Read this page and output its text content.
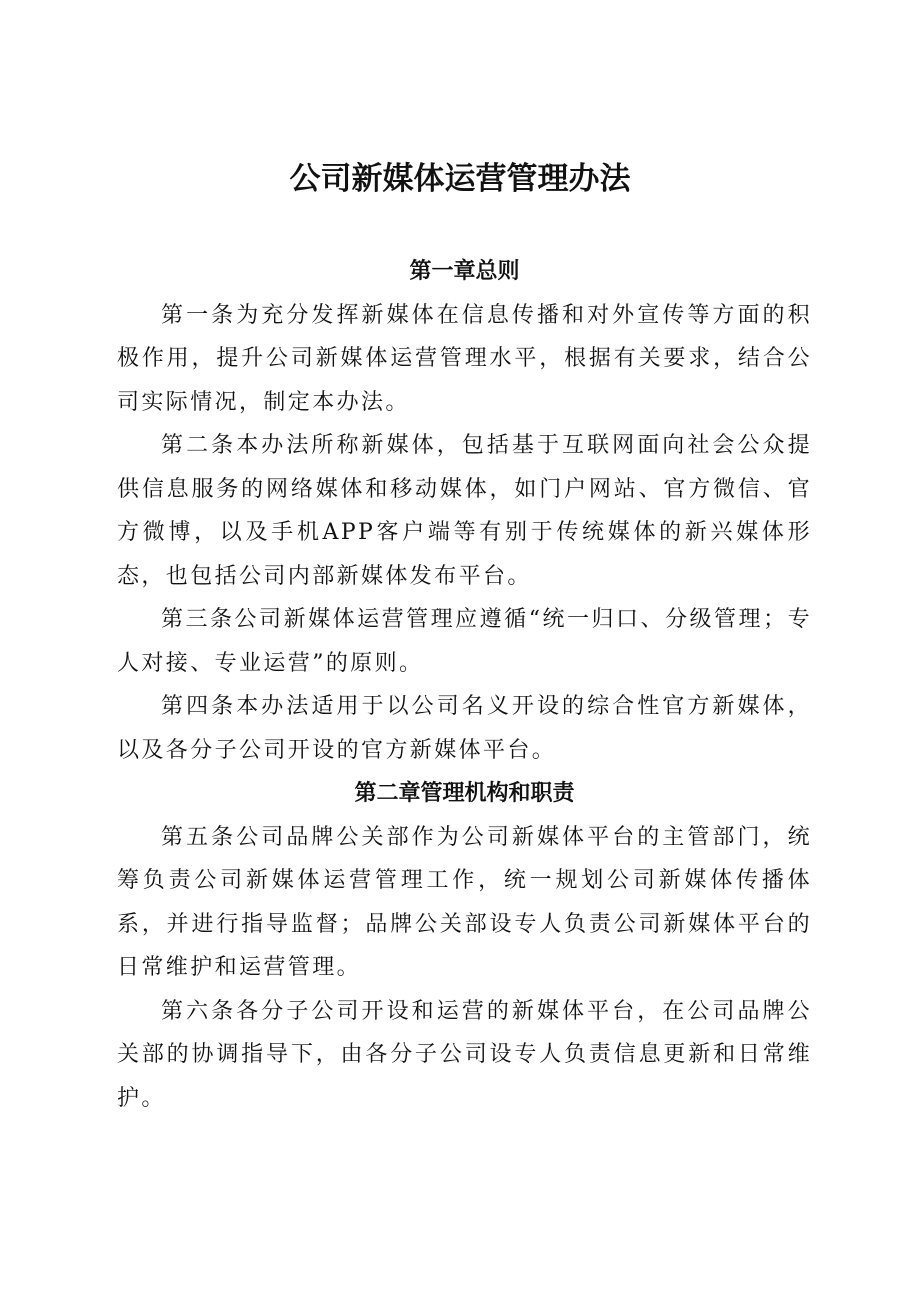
公司新媒体运营管理办法
第一章总则

第一条为充分发挥新媒体在信息传播和对外宣传等方面的积极作用，提升公司新媒体运营管理水平，根据有关要求，结合公司实际情况，制定本办法。

第二条本办法所称新媒体，包括基于互联网面向社会公众提供信息服务的网络媒体和移动媒体，如门户网站、官方微信、官方微博，以及手机APP客户端等有别于传统媒体的新兴媒体形态，也包括公司内部新媒体发布平台。

第三条公司新媒体运营管理应遵循“统一归口、分级管理；专人对接、专业运营”的原则。

第四条本办法适用于以公司名义开设的综合性官方新媒体，以及各分子公司开设的官方新媒体平台。

第二章管理机构和职责

第五条公司品牌公关部作为公司新媒体平台的主管部门，统筹负责公司新媒体运营管理工作，统一规划公司新媒体传播体系，并进行指导监督；品牌公关部设专人负责公司新媒体平台的日常维护和运营管理。

第六条各分子公司开设和运营的新媒体平台，在公司品牌公关部的协调指导下，由各分子公司设专人负责信息更新和日常维护。
